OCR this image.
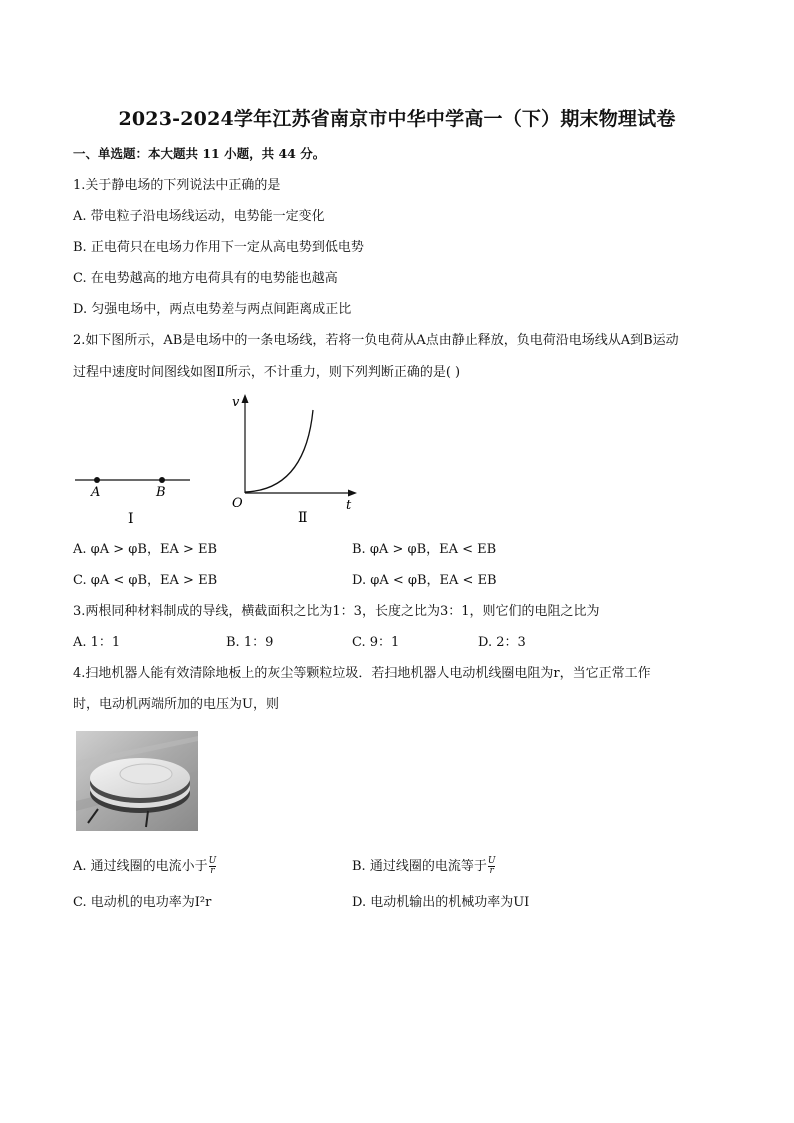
2023-2024学年江苏省南京市中华中学高一（下）期末物理试卷
一、单选题：本大题共 11 小题，共 44 分。
1.关于静电场的下列说法中正确的是
A. 带电粒子沿电场线运动，电势能一定变化
B. 正电荷只在电场力作用下一定从高电势到低电势
C. 在电势越高的地方电荷具有的电势能也越高
D. 匀强电场中，两点电势差与两点间距离成正比
2.如下图所示，AB是电场中的一条电场线，若将一负电荷从A点由静止释放，负电荷沿电场线从A到B运动
过程中速度时间图线如图Ⅱ所示，不计重力，则下列判断正确的是( )
A	B
Ⅰ
v
t
O
Ⅱ
A. φA > φB，EA > EB	B. φA > φB，EA < EB
C. φA < φB，EA > EB	D. φA < φB，EA < EB
3.两根同种材料制成的导线，横截面积之比为1：3，长度之比为3：1，则它们的电阻之比为
A. 1：1	B. 1：9	C. 9：1	D. 2：3
4.扫地机器人能有效清除地板上的灰尘等颗粒垃圾．若扫地机器人电动机线圈电阻为r，当它正常工作
时，电动机两端所加的电压为U，则
A. 通过线圈的电流小于 $\frac{U}{r}$	B. 通过线圈的电流等于 $\frac{U}{r}$
C. 电动机的电功率为I²r	D. 电动机输出的机械功率为UI
